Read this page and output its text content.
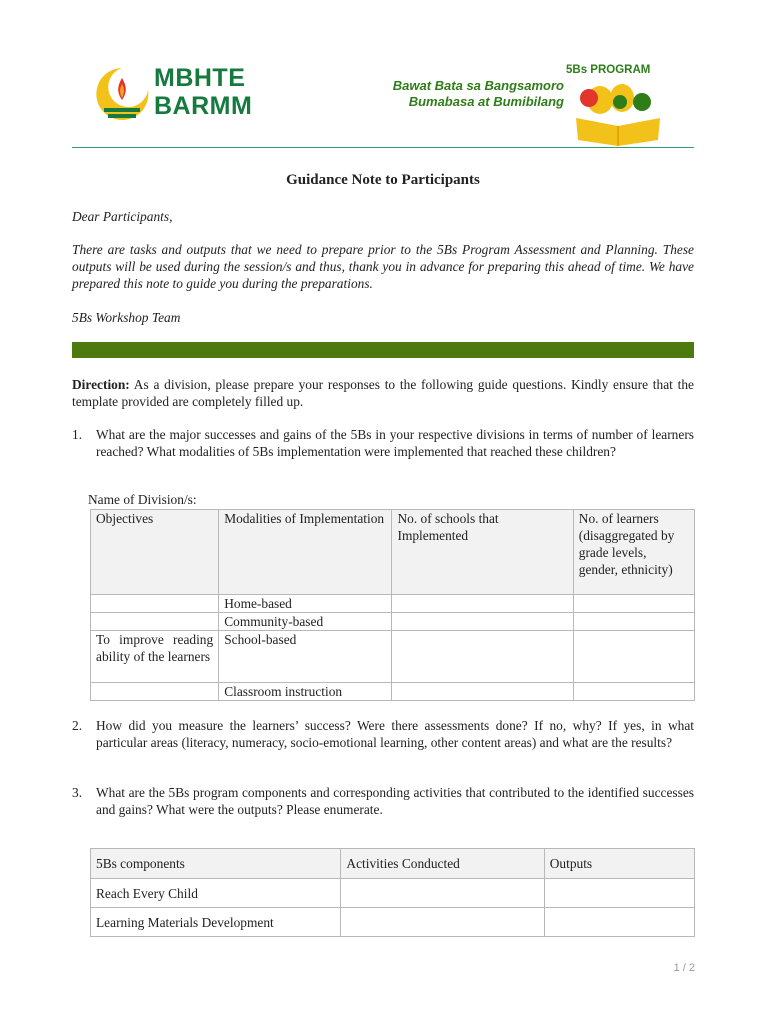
MBHTE
BARMM
Bawat Bata sa Bangsamoro
Bumabasa at Bumibilang
5Bs PROGRAM
Guidance Note to Participants
Dear Participants,
There are tasks and outputs that we need to prepare prior to the 5Bs Program Assessment and Planning. These outputs will be used during the session/s and thus, thank you in advance for preparing this ahead of time. We have prepared this note to guide you during the preparations.
5Bs Workshop Team
Direction: As a division, please prepare your responses to the following guide questions. Kindly ensure that the template provided are completely filled up.
1. What are the major successes and gains of the 5Bs in your respective divisions in terms of number of learners reached? What modalities of 5Bs implementation were implemented that reached these children?
Name of Division/s:
Objectives	Modalities of Implementation	No. of schools that Implemented	No. of learners (disaggregated by grade levels, gender, ethnicity)
	Home-based		
	Community-based		
To improve reading ability of the learners	School-based		
	Classroom instruction		
2. How did you measure the learners’ success? Were there assessments done? If no, why? If yes, in what particular areas (literacy, numeracy, socio-emotional learning, other content areas) and what are the results?
3. What are the 5Bs program components and corresponding activities that contributed to the identified successes and gains? What were the outputs? Please enumerate.
5Bs components	Activities Conducted	Outputs
Reach Every Child		
Learning Materials Development		
1 / 2
